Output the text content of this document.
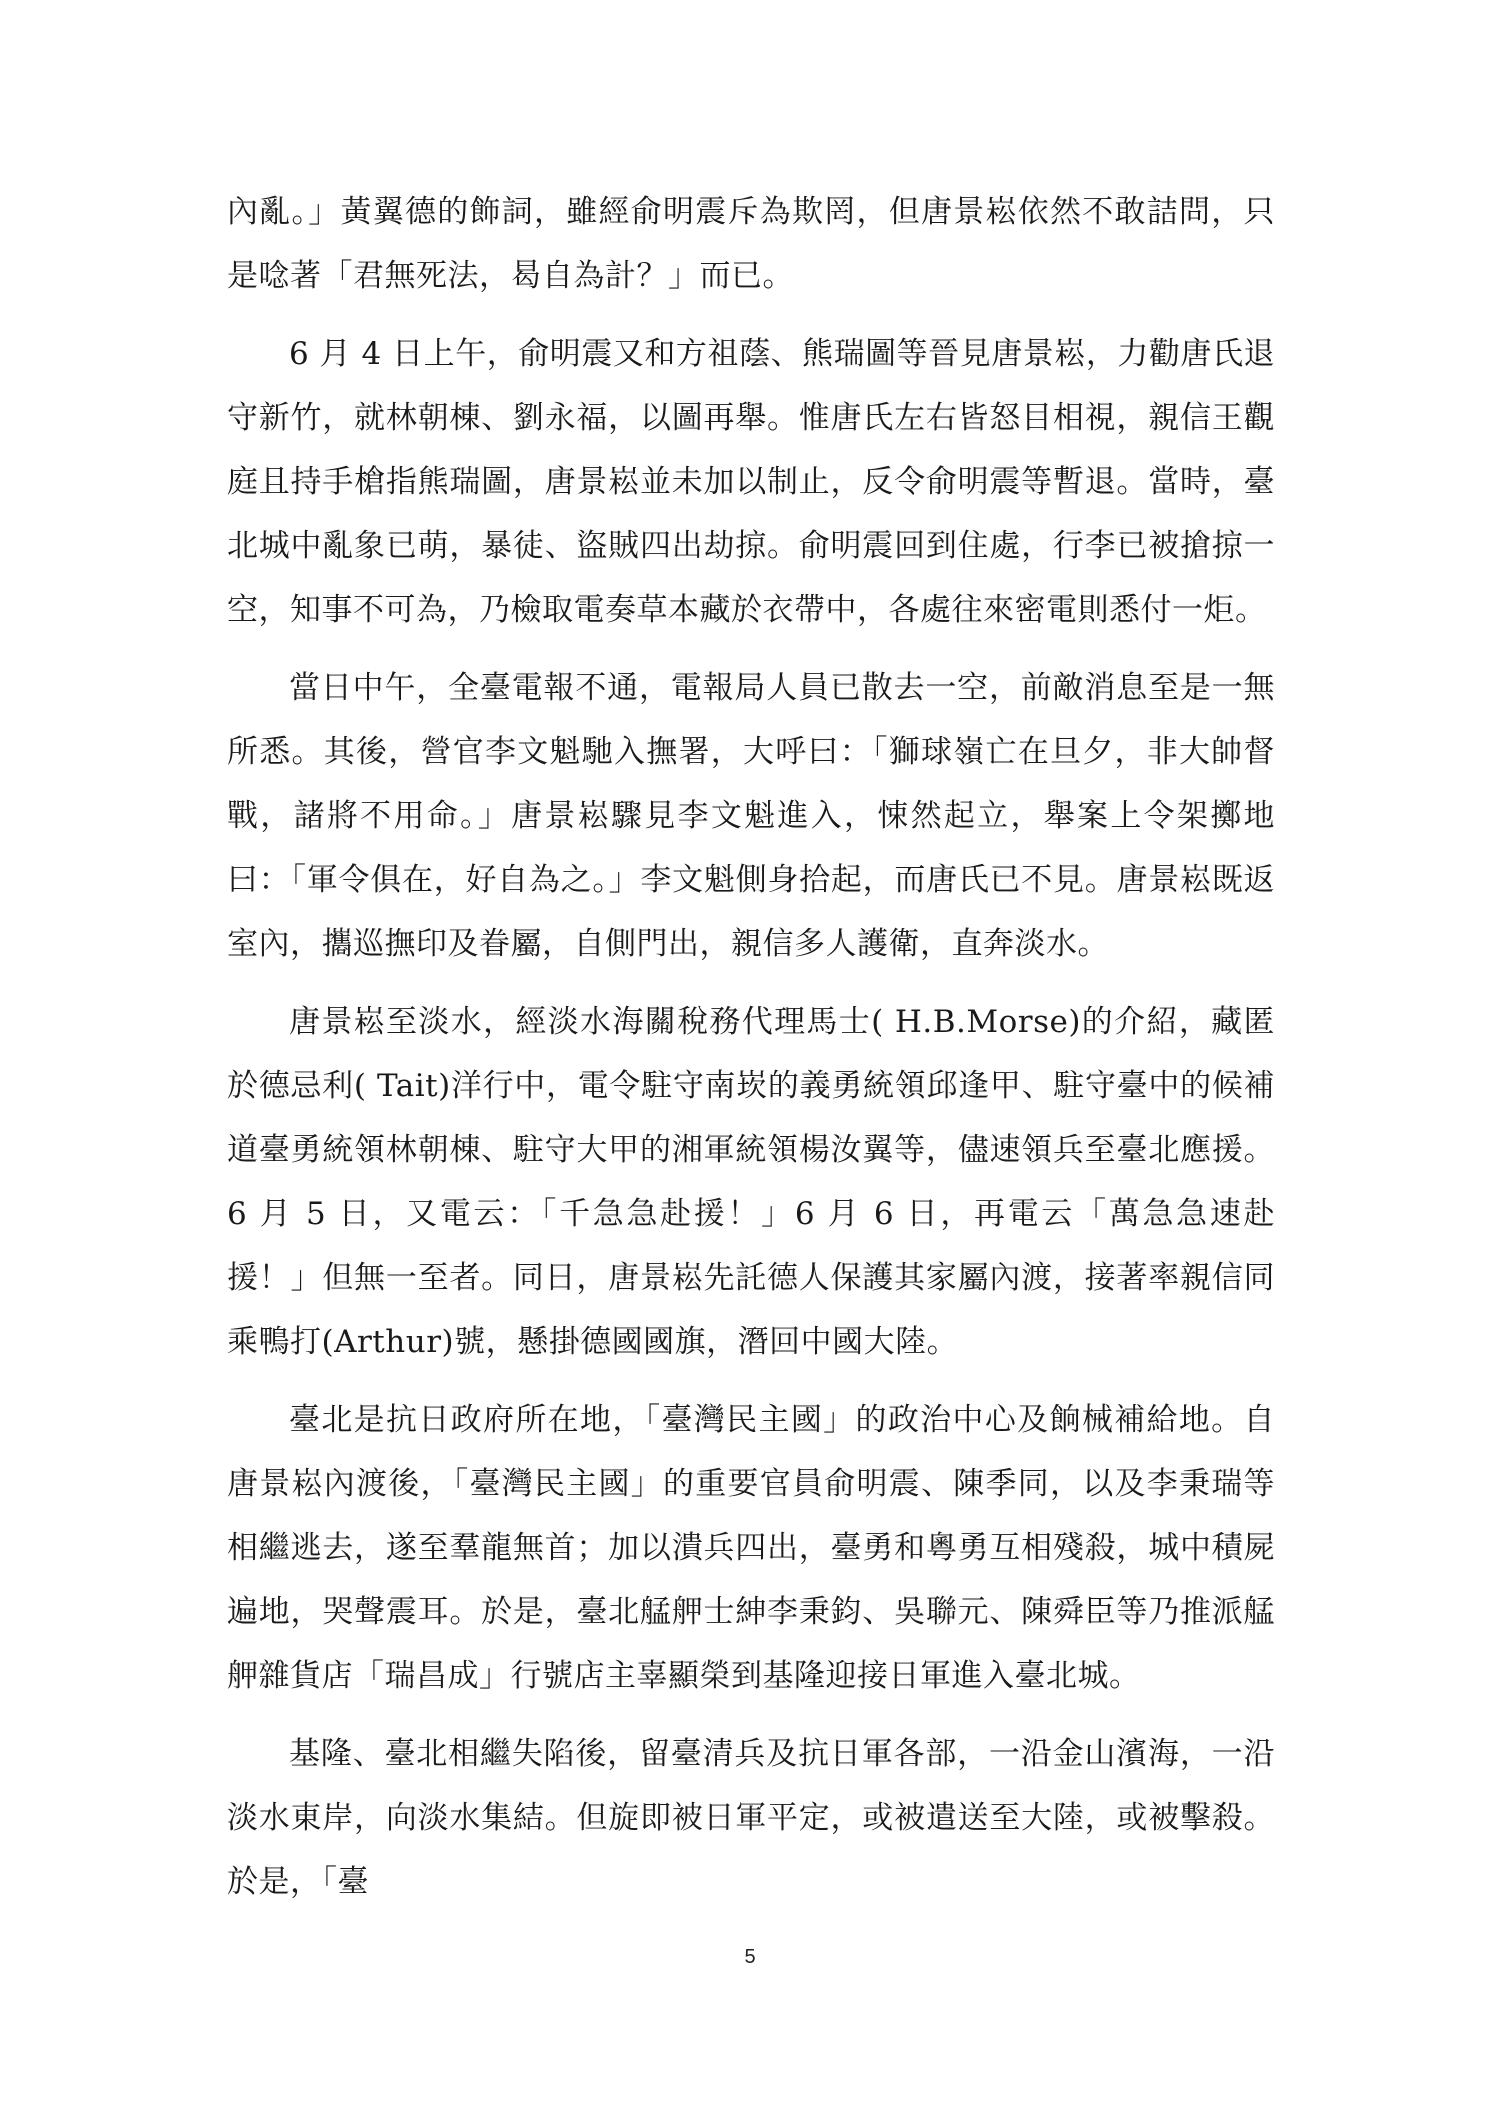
內亂。」黃翼德的飾詞，雖經俞明震斥為欺罔，但唐景崧依然不敢詰問，只是唸著「君無死法，曷自為計？」而已。

6 月 4 日上午，俞明震又和方祖蔭、熊瑞圖等晉見唐景崧，力勸唐氏退守新竹，就林朝棟、劉永福，以圖再舉。惟唐氏左右皆怒目相視，親信王觀庭且持手槍指熊瑞圖，唐景崧並未加以制止，反令俞明震等暫退。當時，臺北城中亂象已萌，暴徒、盜賊四出劫掠。俞明震回到住處，行李已被搶掠一空，知事不可為，乃檢取電奏草本藏於衣帶中，各處往來密電則悉付一炬。

當日中午，全臺電報不通，電報局人員已散去一空，前敵消息至是一無所悉。其後，營官李文魁馳入撫署，大呼曰：「獅球嶺亡在旦夕，非大帥督戰，諸將不用命。」唐景崧驟見李文魁進入，悚然起立，舉案上令架擲地曰：「軍令俱在，好自為之。」李文魁側身拾起，而唐氏已不見。唐景崧既返室內，攜巡撫印及眷屬，自側門出，親信多人護衛，直奔淡水。

唐景崧至淡水，經淡水海關稅務代理馬士( H.B.Morse)的介紹，藏匿於德忌利( Tait)洋行中，電令駐守南崁的義勇統領邱逢甲、駐守臺中的候補道臺勇統領林朝棟、駐守大甲的湘軍統領楊汝翼等，儘速領兵至臺北應援。6 月 5 日，又電云：「千急急赴援！」6 月 6 日，再電云「萬急急速赴援！」但無一至者。同日，唐景崧先託德人保護其家屬內渡，接著率親信同乘鴨打(Arthur)號，懸掛德國國旗，潛回中國大陸。

臺北是抗日政府所在地，「臺灣民主國」的政治中心及餉械補給地。自唐景崧內渡後，「臺灣民主國」的重要官員俞明震、陳季同，以及李秉瑞等相繼逃去，遂至羣龍無首；加以潰兵四出，臺勇和粵勇互相殘殺，城中積屍遍地，哭聲震耳。於是，臺北艋舺士紳李秉鈞、吳聯元、陳舜臣等乃推派艋舺雜貨店「瑞昌成」行號店主辜顯榮到基隆迎接日軍進入臺北城。

基隆、臺北相繼失陷後，留臺清兵及抗日軍各部，一沿金山濱海，一沿淡水東岸，向淡水集結。但旋即被日軍平定，或被遣送至大陸，或被擊殺。於是，「臺

5
